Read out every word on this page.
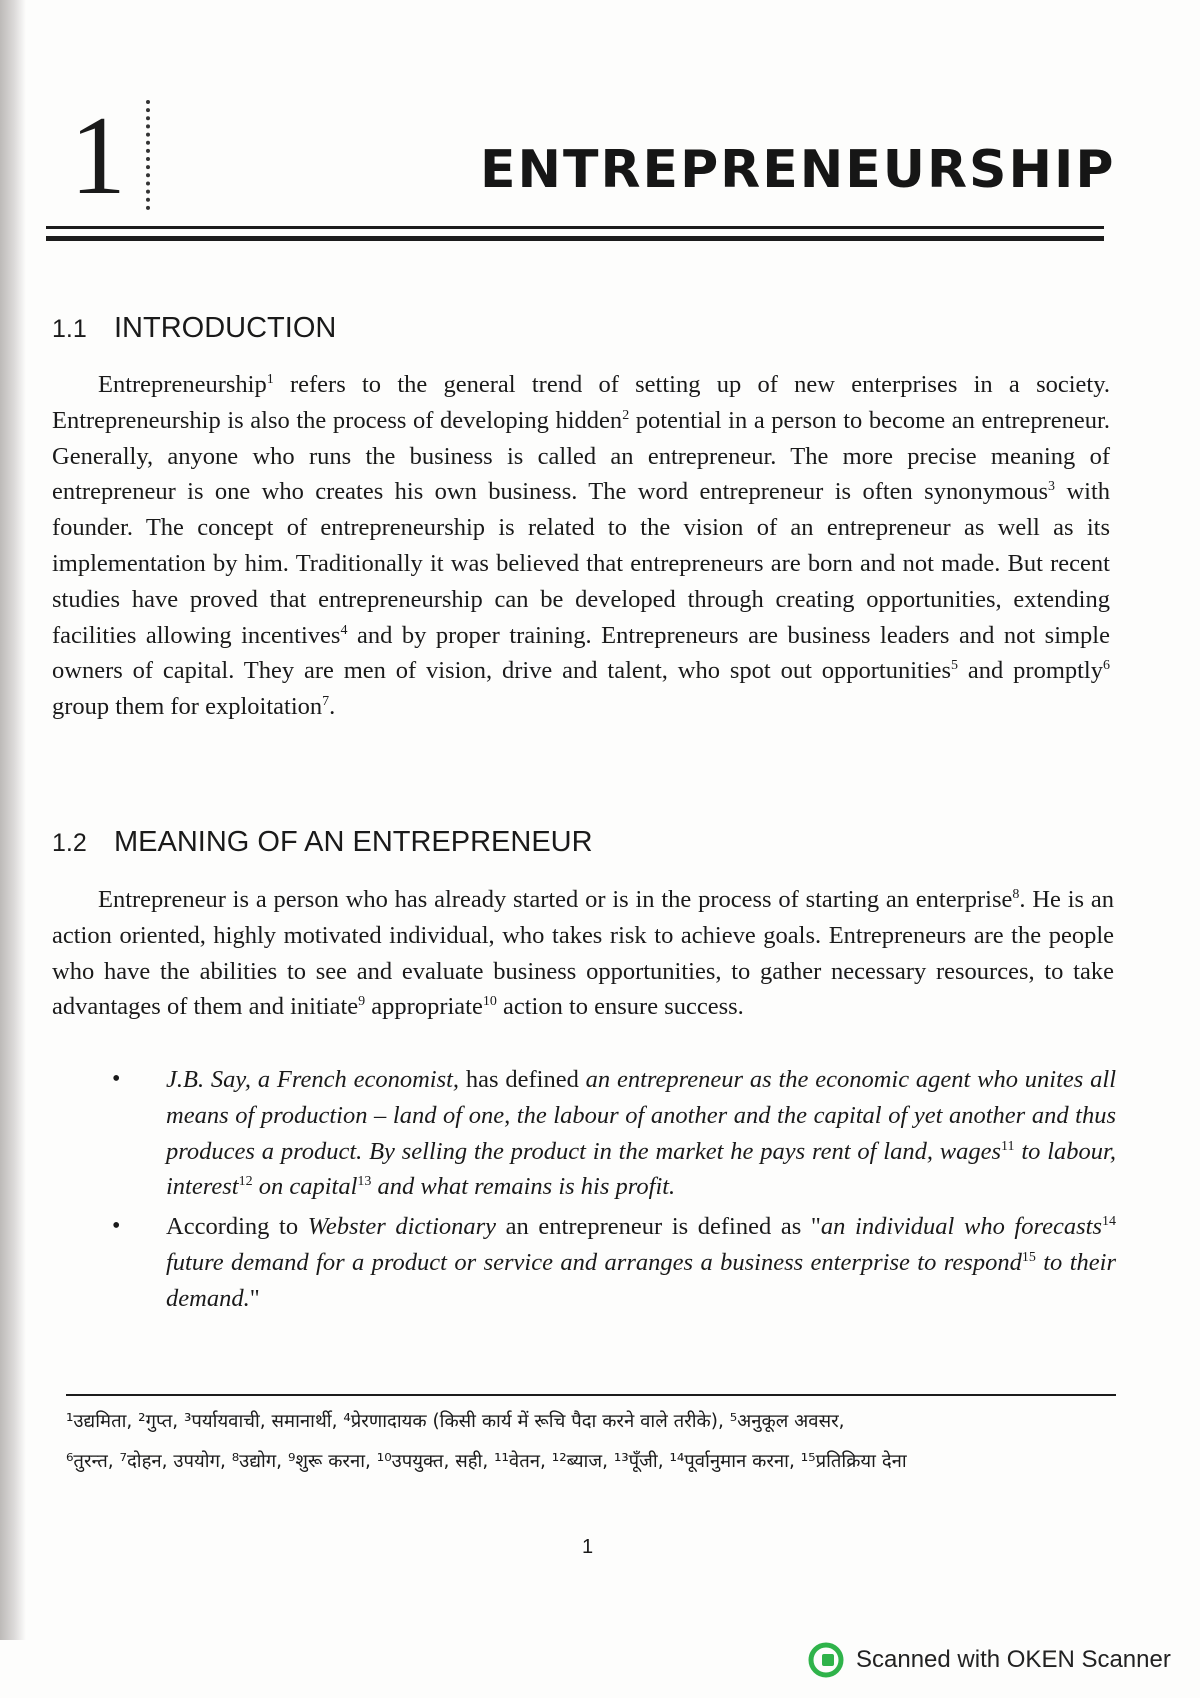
1	ENTREPRENEURSHIP
1.1 INTRODUCTION

Entrepreneurship$^1$ refers to the general trend of setting up of new enterprises in a society. Entrepreneurship is also the process of developing hidden$^2$ potential in a person to become an entrepreneur. Generally, anyone who runs the business is called an entrepreneur. The more precise meaning of entrepreneur is one who creates his own business. The word entrepreneur is often synonymous$^3$ with founder. The concept of entrepreneurship is related to the vision of an entrepreneur as well as its implementation by him. Traditionally it was believed that entrepreneurs are born and not made. But recent studies have proved that entrepreneurship can be developed through creating opportunities, extending facilities allowing incentives$^4$ and by proper training. Entrepreneurs are business leaders and not simple owners of capital. They are men of vision, drive and talent, who spot out opportunities$^5$ and promptly$^6$ group them for exploitation$^7$.

1.2 MEANING OF AN ENTREPRENEUR

Entrepreneur is a person who has already started or is in the process of starting an enterprise$^8$. He is an action oriented, highly motivated individual, who takes risk to achieve goals. Entrepreneurs are the people who have the abilities to see and evaluate business opportunities, to gather necessary resources, to take advantages of them and initiate$^9$ appropriate$^{10}$ action to ensure success.

• J.B. Say, a French economist, has defined an entrepreneur as the economic agent who unites all means of production – land of one, the labour of another and the capital of yet another and thus produces a product. By selling the product in the market he pays rent of land, wages$^{11}$ to labour, interest$^{12}$ on capital$^{13}$ and what remains is his profit.
• According to Webster dictionary an entrepreneur is defined as "an individual who forecasts$^{14}$ future demand for a product or service and arranges a business enterprise to respond$^{15}$ to their demand."
¹उद्यमिता, ²गुप्त, ³पर्यायवाची, समानार्थी, ⁴प्रेरणादायक (किसी कार्य में रूचि पैदा करने वाले तरीके), ⁵अनुकूल अवसर,
⁶तुरन्त, ⁷दोहन, उपयोग, ⁸उद्योग, ⁹शुरू करना, ¹⁰उपयुक्त, सही, ¹¹वेतन, ¹²ब्याज, ¹³पूँजी, ¹⁴पूर्वानुमान करना, ¹⁵प्रतिक्रिया देना
1
Scanned with OKEN Scanner
